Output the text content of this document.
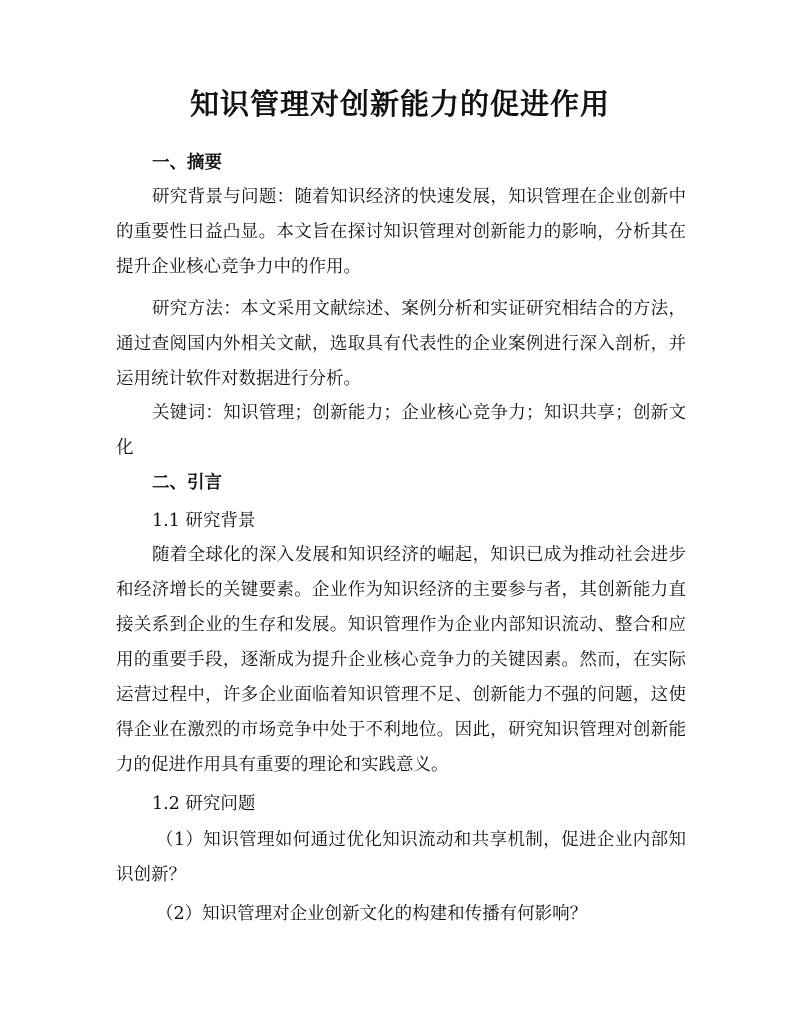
知识管理对创新能力的促进作用
一、摘要

研究背景与问题：随着知识经济的快速发展，知识管理在企业创新中的重要性日益凸显。本文旨在探讨知识管理对创新能力的影响，分析其在提升企业核心竞争力中的作用。

研究方法：本文采用文献综述、案例分析和实证研究相结合的方法，通过查阅国内外相关文献，选取具有代表性的企业案例进行深入剖析，并运用统计软件对数据进行分析。

关键词：知识管理；创新能力；企业核心竞争力；知识共享；创新文化

二、引言

1.1 研究背景

随着全球化的深入发展和知识经济的崛起，知识已成为推动社会进步和经济增长的关键要素。企业作为知识经济的主要参与者，其创新能力直接关系到企业的生存和发展。知识管理作为企业内部知识流动、整合和应用的重要手段，逐渐成为提升企业核心竞争力的关键因素。然而，在实际运营过程中，许多企业面临着知识管理不足、创新能力不强的问题，这使得企业在激烈的市场竞争中处于不利地位。因此，研究知识管理对创新能力的促进作用具有重要的理论和实践意义。

1.2 研究问题

（1）知识管理如何通过优化知识流动和共享机制，促进企业内部知识创新？

（2）知识管理对企业创新文化的构建和传播有何影响？
